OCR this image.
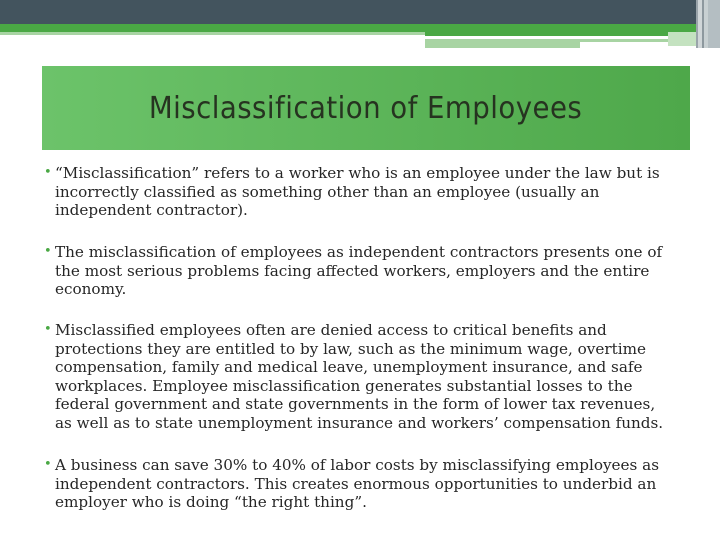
Misclassification of Employees
• “Misclassification” refers to a worker who is an employee under the law but is
incorrectly classified as something other than an employee (usually an
independent contractor).
• The misclassification of employees as independent contractors presents one of
the most serious problems facing affected workers, employers and the entire
economy.
• Misclassified employees often are denied access to critical benefits and
protections they are entitled to by law, such as the minimum wage, overtime
compensation, family and medical leave, unemployment insurance, and safe
workplaces. Employee misclassification generates substantial losses to the
federal government and state governments in the form of lower tax revenues,
as well as to state unemployment insurance and workers’ compensation funds.
• A business can save 30% to 40% of labor costs by misclassifying employees as
independent contractors. This creates enormous opportunities to underbid an
employer who is doing “the right thing”.
